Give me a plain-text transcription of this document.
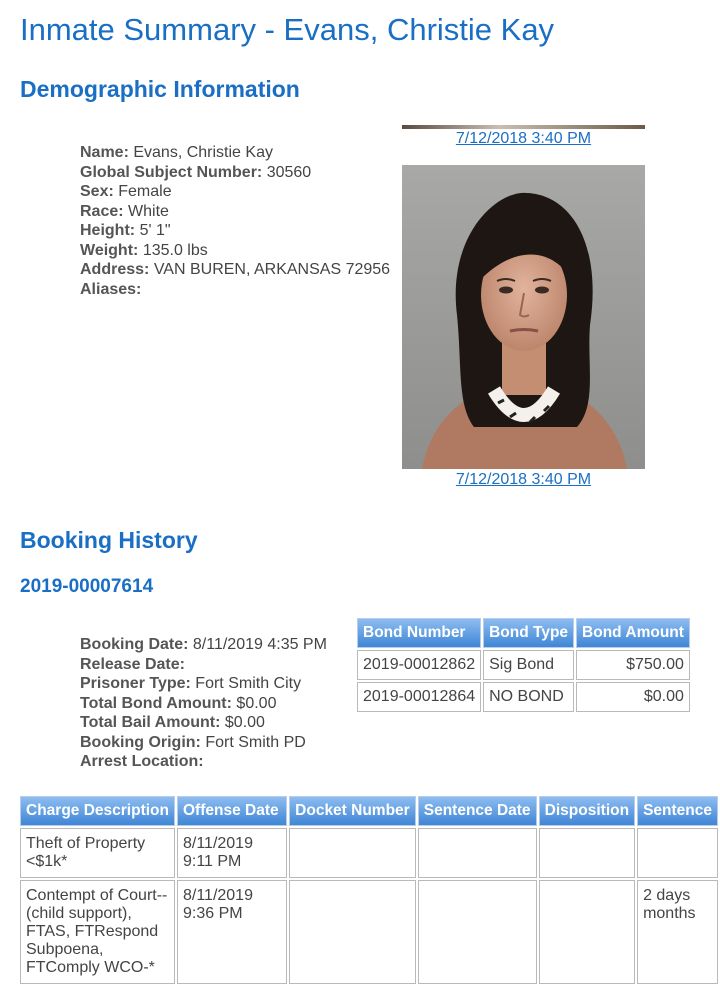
Inmate Summary - Evans, Christie Kay
Demographic Information
Name: Evans, Christie Kay
Global Subject Number: 30560
Sex: Female
Race: White
Height: 5' 1"
Weight: 135.0 lbs
Address: VAN BUREN, ARKANSAS 72956
Aliases:
7/12/2018 3:40 PM
7/12/2018 3:40 PM
Booking History
2019-00007614
Booking Date: 8/11/2019 4:35 PM
Release Date:
Prisoner Type: Fort Smith City
Total Bond Amount: $0.00
Total Bail Amount: $0.00
Booking Origin: Fort Smith PD
Arrest Location:
Bond Number	Bond Type	Bond Amount
2019-00012862	Sig Bond	$750.00
2019-00012864	NO BOND	$0.00
Charge Description	Offense Date	Docket Number	Sentence Date	Disposition	Sentence
Theft of Property <$1k*	8/11/2019 9:11 PM				
Contempt of Court--(child support), FTAS, FTRespond Subpoena, FTComply WCO-*	8/11/2019 9:36 PM				2 days months
